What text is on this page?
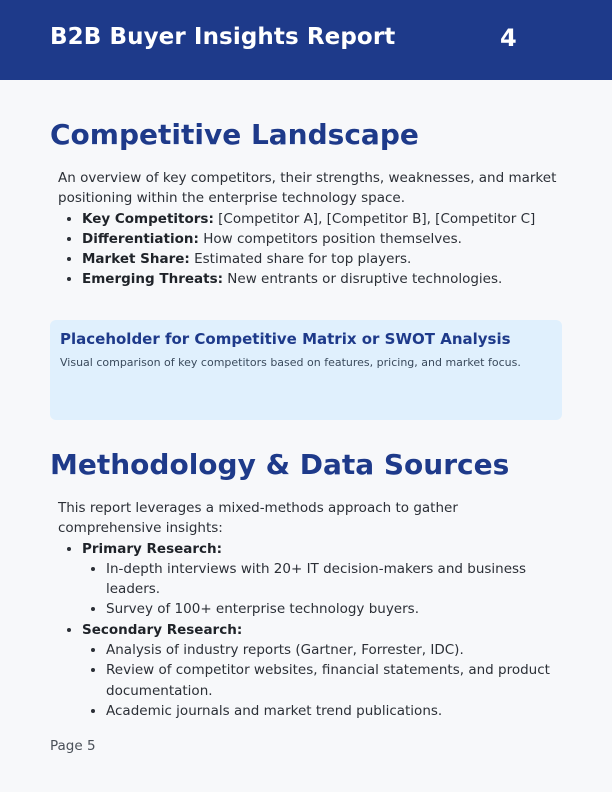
B2B Buyer Insights Report	4
Competitive Landscape

An overview of key competitors, their strengths, weaknesses, and market positioning within the enterprise technology space.

• Key Competitors: [Competitor A], [Competitor B], [Competitor C]
• Differentiation: How competitors position themselves.
• Market Share: Estimated share for top players.
• Emerging Threats: New entrants or disruptive technologies.
Placeholder for Competitive Matrix or SWOT Analysis
Visual comparison of key competitors based on features, pricing, and market focus.
Methodology & Data Sources

This report leverages a mixed-methods approach to gather comprehensive insights:

• Primary Research:
• In-depth interviews with 20+ IT decision-makers and business leaders.
• Survey of 100+ enterprise technology buyers.
• Secondary Research:
• Analysis of industry reports (Gartner, Forrester, IDC).
• Review of competitor websites, financial statements, and product documentation.
• Academic journals and market trend publications.
Page 5
